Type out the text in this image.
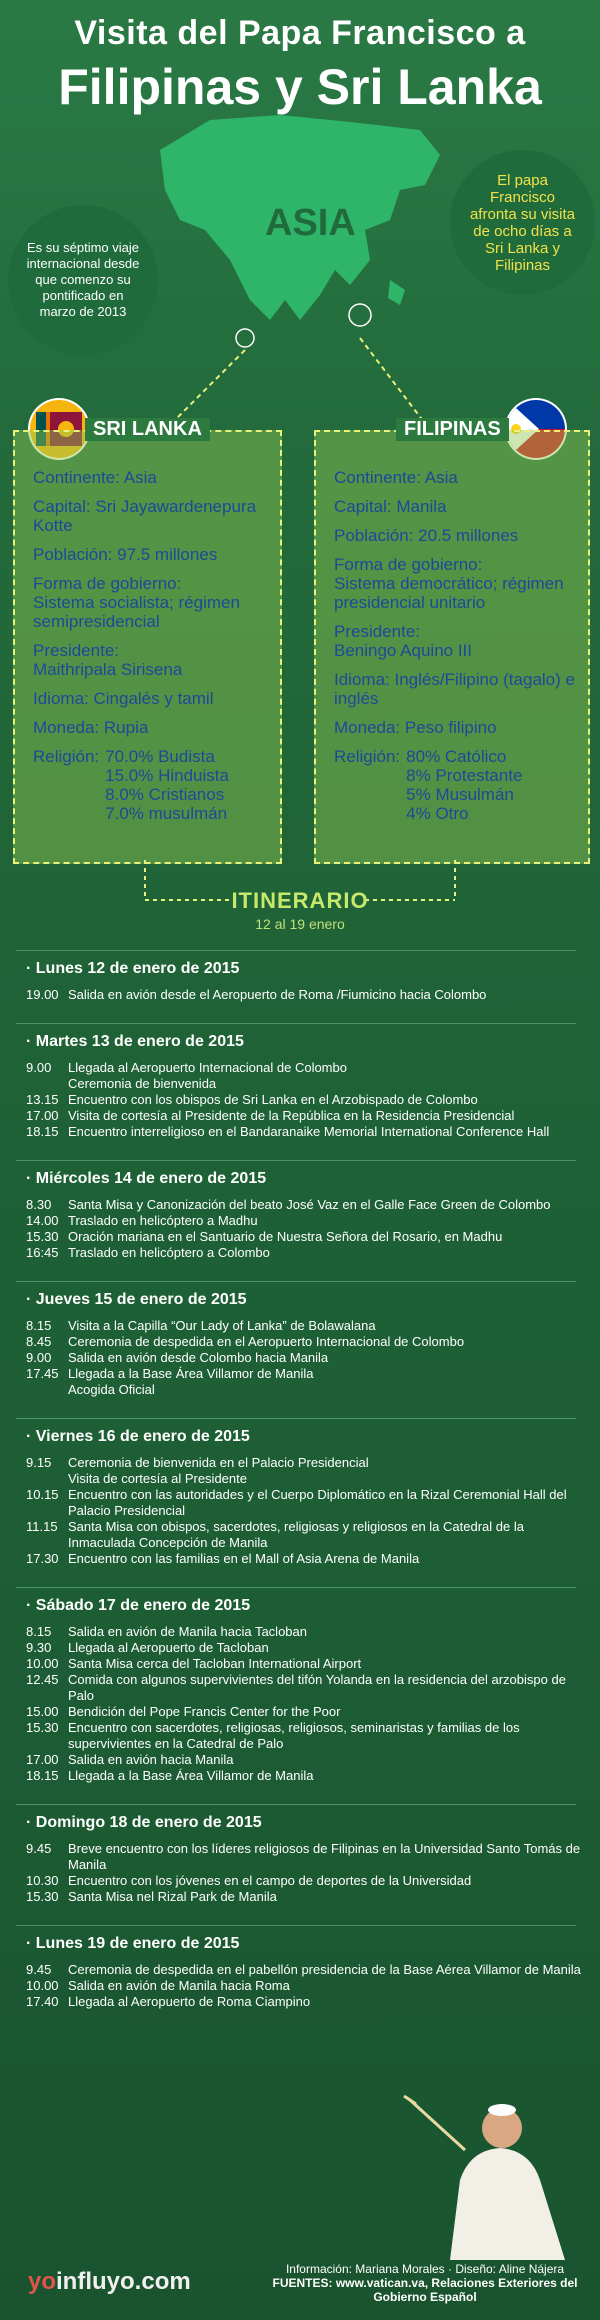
Visita del Papa Francisco a
Filipinas y Sri Lanka
ASIA
Es su séptimo viaje internacional desde que comenzo su pontificado en marzo de 2013
El papa Francisco afronta su visita de ocho días a Sri Lanka y Filipinas
SRI LANKA
Continente: Asia
Capital: Sri Jayawardenepura Kotte
Población: 97.5 millones
Forma de gobierno:
Sistema socialista; régimen semipresidencial
Presidente:
Maithripala Sirisena
Idioma: Cingalés y tamil
Moneda: Rupia
Religión: 70.0% Budista
15.0% Hinduista
8.0% Cristianos
7.0% musulmán
FILIPINAS
Continente: Asia
Capital: Manila
Población: 20.5 millones
Forma de gobierno:
Sistema democrático; régimen presidencial unitario
Presidente:
Beningo Aquino III
Idioma: Inglés/Filipino (tagalo) e inglés
Moneda: Peso filipino
Religión: 80% Católico
8% Protestante
5% Musulmán
4% Otro
ITINERARIO
12 al 19 enero
· Lunes 12 de enero de 2015
19.00 Salida en avión desde el Aeropuerto de Roma /Fiumicino hacia Colombo
· Martes 13 de enero de 2015
9.00	Llegada al Aeropuerto Internacional de Colombo
Ceremonia de bienvenida
13.15 Encuentro con los obispos de Sri Lanka en el Arzobispado de Colombo
17.00 Visita de cortesía al Presidente de la República en la Residencia Presidencial
18.15 Encuentro interreligioso en el Bandaranaike Memorial International Conference Hall
· Miércoles 14 de enero de 2015
8.30	Santa Misa y Canonización del beato José Vaz en el Galle Face Green de Colombo
14.00 Traslado en helicóptero a Madhu
15.30 Oración mariana en el Santuario de Nuestra Señora del Rosario, en Madhu
16:45 Traslado en helicóptero a Colombo
· Jueves 15 de enero de 2015
8.15	Visita a la Capilla “Our Lady of Lanka” de Bolawalana
8.45	Ceremonia de despedida en el Aeropuerto Internacional de Colombo
9.00	Salida en avión desde Colombo hacia Manila
17.45 Llegada a la Base Área Villamor de Manila
Acogida Oficial
· Viernes 16 de enero de 2015
9.15	Ceremonia de bienvenida en el Palacio Presidencial
Visita de cortesía al Presidente
10.15 Encuentro con las autoridades y el Cuerpo Diplomático en la Rizal Ceremonial Hall del Palacio Presidencial
11.15 Santa Misa con obispos, sacerdotes, religiosas y religiosos en la Catedral de la Inmaculada Concepción de Manila
17.30 Encuentro con las familias en el Mall of Asia Arena de Manila
· Sábado 17 de enero de 2015
8.15	Salida en avión de Manila hacia Tacloban
9.30	Llegada al Aeropuerto de Tacloban
10.00 Santa Misa cerca del Tacloban International Airport
12.45 Comida con algunos supervivientes del tifón Yolanda en la residencia del arzobispo de Palo
15.00 Bendición del Pope Francis Center for the Poor
15.30 Encuentro con sacerdotes, religiosas, religiosos, seminaristas y familias de los supervivientes en la Catedral de Palo
17.00 Salida en avión hacia Manila
18.15 Llegada a la Base Área Villamor de Manila
· Domingo 18 de enero de 2015
9.45	Breve encuentro con los líderes religiosos de Filipinas en la Universidad Santo Tomás de Manila
10.30 Encuentro con los jóvenes en el campo de deportes de la Universidad
15.30 Santa Misa nel Rizal Park de Manila
· Lunes 19 de enero de 2015
9.45	Ceremonia de despedida en el pabellón presidencia de la Base Aérea Villamor de Manila
10.00 Salida en avión de Manila hacia Roma
17.40 Llegada al Aeropuerto de Roma Ciampino
yoinfluyo.com	Información: Mariana Morales · Diseño: Aline Nájera
FUENTES: www.vatican.va, Relaciones Exteriores del Gobierno Español
